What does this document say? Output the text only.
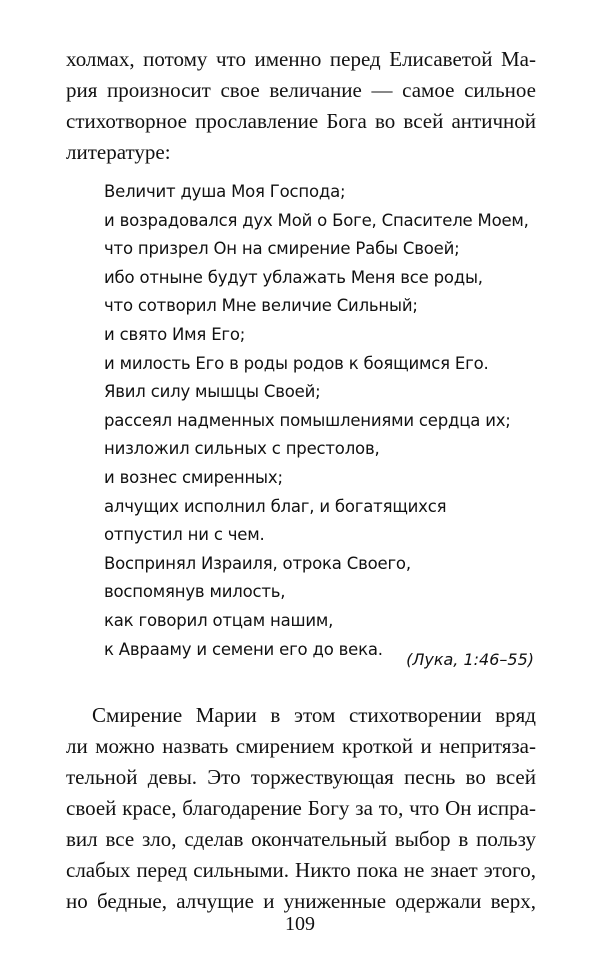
холмах, потому что именно перед Елисаветой Ма-
рия произносит свое величание — самое сильное
стихотворное прославление Бога во всей античной
литературе:
Величит душа Моя Господа;
и возрадовался дух Мой о Боге, Спасителе Моем,
что призрел Он на смирение Рабы Своей;
ибо отныне будут ублажать Меня все роды,
что сотворил Мне величие Сильный;
и свято Имя Его;
и милость Его в роды родов к боящимся Его.
Явил силу мышцы Своей;
рассеял надменных помышлениями сердца их;
низложил сильных с престолов,
и вознес смиренных;
алчущих исполнил благ, и богатящихся
отпустил ни с чем.
Воспринял Израиля, отрока Своего,
воспомянув милость,
как говорил отцам нашим,
к Аврааму и семени его до века.
(Лука, 1:46–55)
Смирение Марии в этом стихотворении вряд
ли можно назвать смирением кроткой и непритяза-
тельной девы. Это торжествующая песнь во всей
своей красе, благодарение Богу за то, что Он испра-
вил все зло, сделав окончательный выбор в пользу
слабых перед сильными. Никто пока не знает этого,
но бедные, алчущие и униженные одержали верх,
109
